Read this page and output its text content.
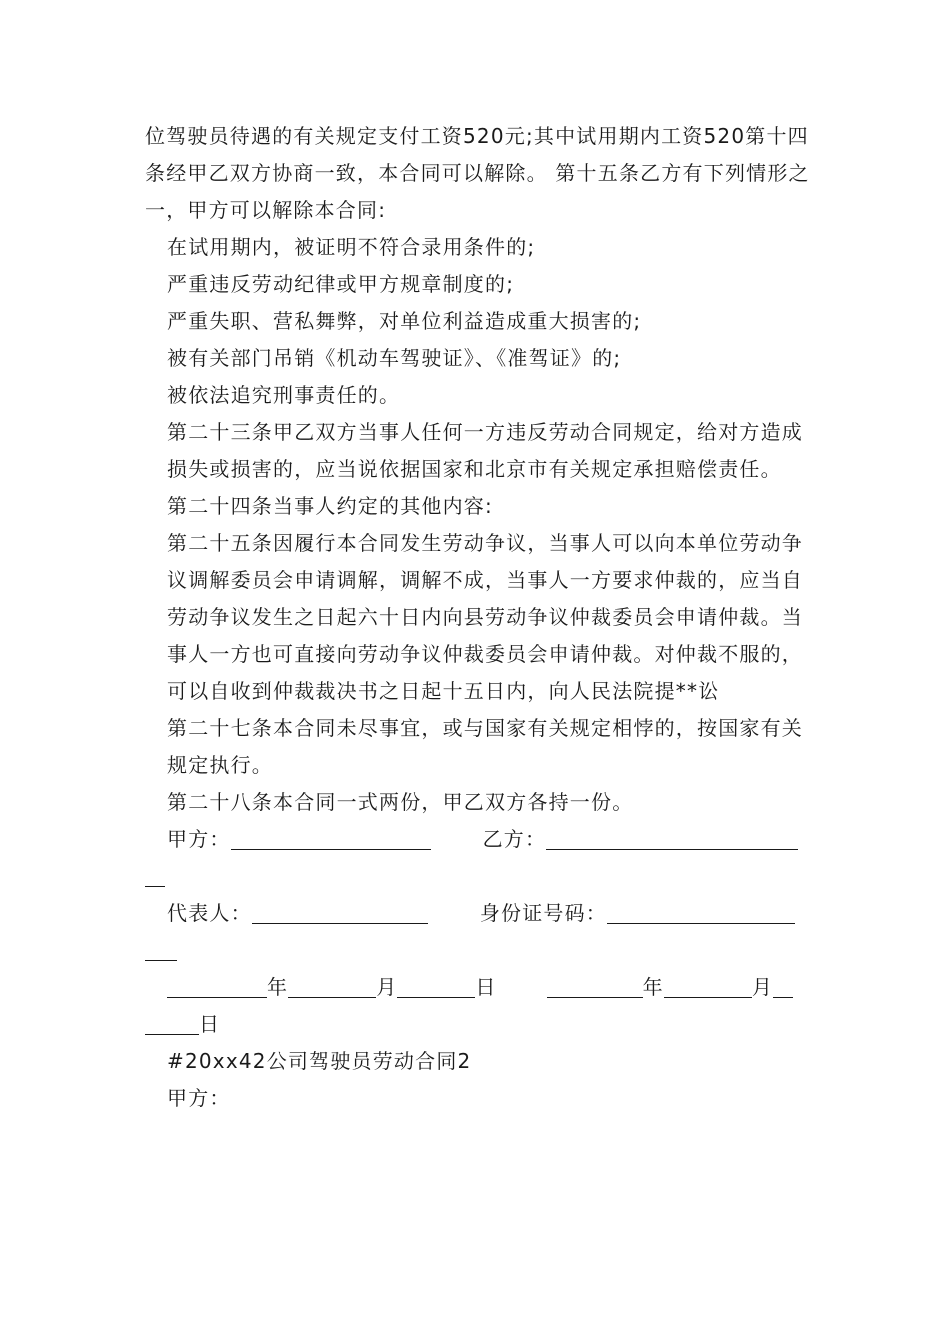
位驾驶员待遇的有关规定支付工资520元;其中试用期内工资520第十四条经甲乙双方协商一致，本合同可以解除。 第十五条乙方有下列情形之一，甲方可以解除本合同:

在试用期内，被证明不符合录用条件的;

严重违反劳动纪律或甲方规章制度的;

严重失职、营私舞弊，对单位利益造成重大损害的;

被有关部门吊销《机动车驾驶证》、《准驾证》的;

被依法追究刑事责任的。

第二十三条甲乙双方当事人任何一方违反劳动合同规定，给对方造成损失或损害的，应当说依据国家和北京市有关规定承担赔偿责任。

第二十四条当事人约定的其他内容:

第二十五条因履行本合同发生劳动争议，当事人可以向本单位劳动争议调解委员会申请调解，调解不成，当事人一方要求仲裁的，应当自劳动争议发生之日起六十日内向县劳动争议仲裁委员会申请仲裁。当事人一方也可直接向劳动争议仲裁委员会申请仲裁。对仲裁不服的，可以自收到仲裁裁决书之日起十五日内，向人民法院提**讼

第二十七条本合同未尽事宜，或与国家有关规定相悖的，按国家有关规定执行。

第二十八条本合同一式两份，甲乙双方各持一份。

甲方：	乙方：
代表人：	身份证号码：
年	月	日	年	月
日

#20xx42公司驾驶员劳动合同2

甲方：
